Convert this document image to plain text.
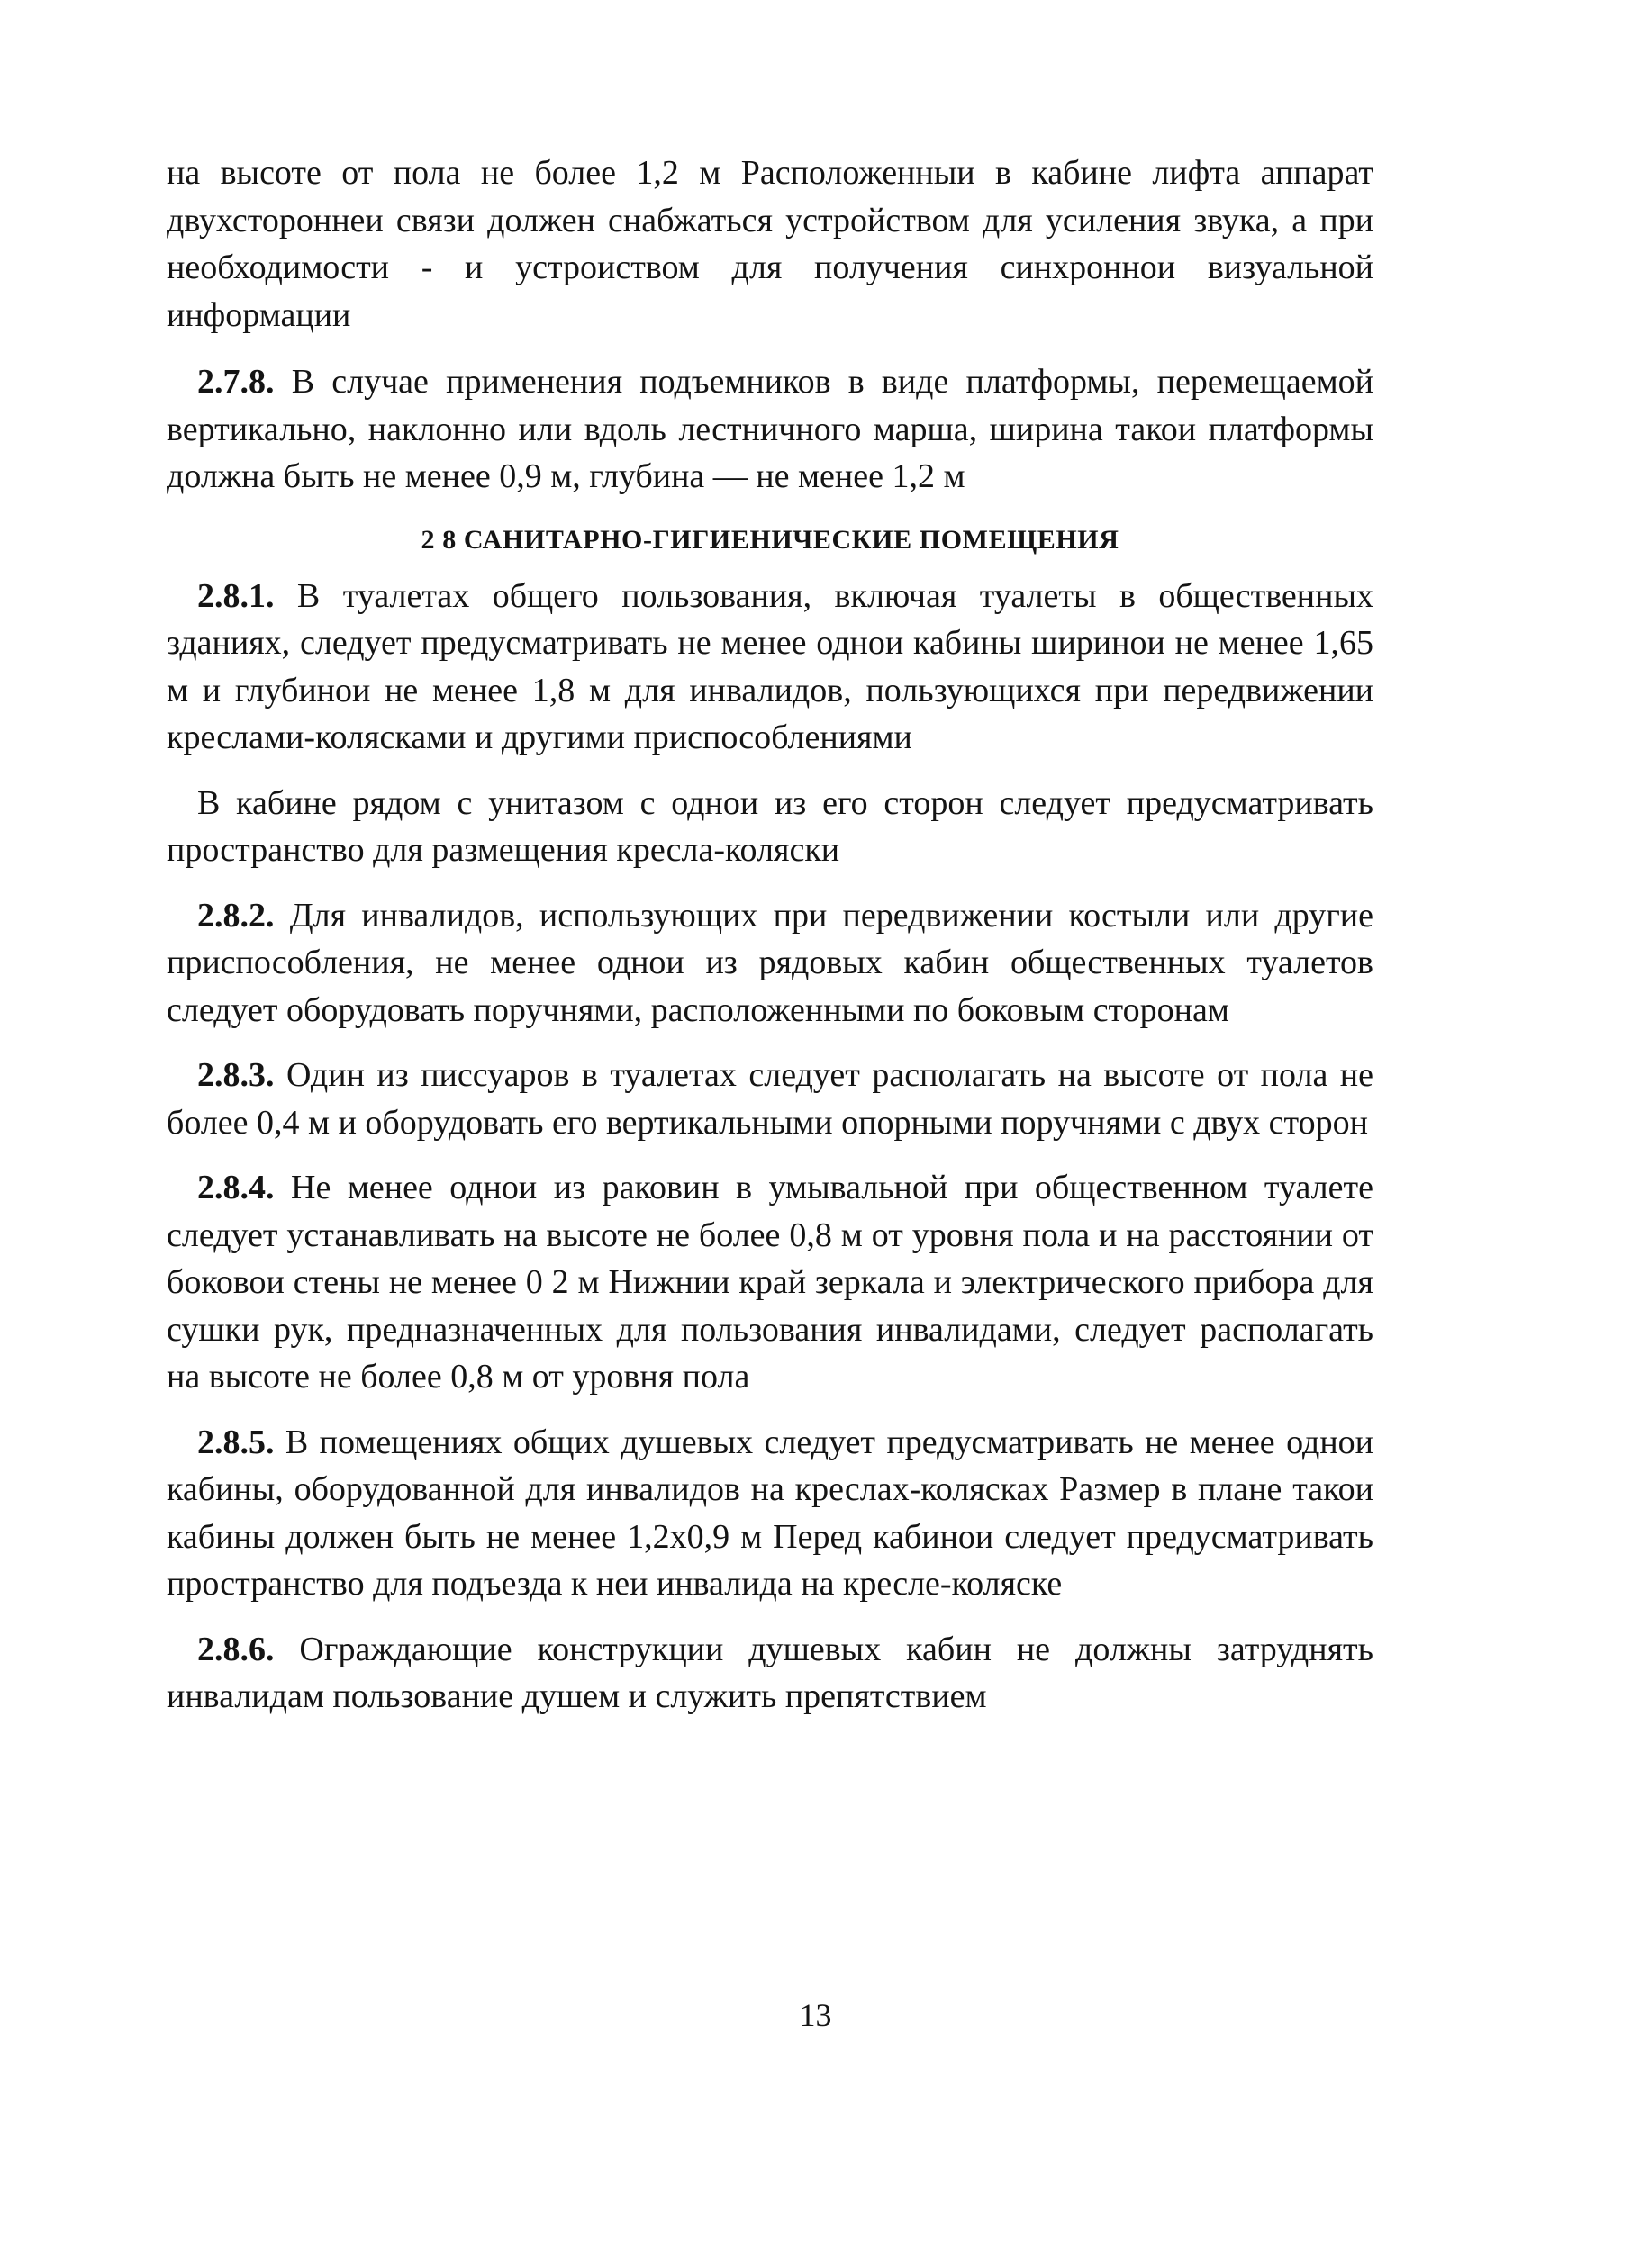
на высоте от пола не более 1,2 м Расположенныи в кабине лифта аппарат двухстороннеи связи должен снабжаться устройством для усиления звука, а при необходимости - и устроиством для получения синхроннои визуальной информации

2.7.8. В случае применения подъемников в виде платформы, перемещаемой вертикально, наклонно или вдоль лестничного марша, ширина такои платформы должна быть не менее 0,9 м, глубина — не менее 1,2 м

2 8 САНИТАРНО-ГИГИЕНИЧЕСКИЕ ПОМЕЩЕНИЯ

2.8.1. В туалетах общего пользования, включая туалеты в общественных зданиях, следует предусматривать не менее однои кабины ширинои не менее 1,65 м и глубинои не менее 1,8 м для инвалидов, пользующихся при передвижении креслами-колясками и другими приспособлениями

В кабине рядом с унитазом с однои из его сторон следует предусматривать пространство для размещения кресла-коляски

2.8.2. Для инвалидов, использующих при передвижении костыли или другие приспособления, не менее однои из рядовых кабин общественных туалетов следует оборудовать поручнями, расположенными по боковым сторонам

2.8.3. Один из писсуаров в туалетах следует располагать на высоте от пола не более 0,4 м и оборудовать его вертикальными опорными поручнями с двух сторон

2.8.4. Не менее однои из раковин в умывальной при общественном туалете следует устанавливать на высоте не более 0,8 м от уровня пола и на расстоянии от боковои стены не менее 0 2 м Нижнии край зеркала и электрического прибора для сушки рук, предназначенных для пользования инвалидами, следует располагать на высоте не более 0,8 м от уровня пола

2.8.5. В помещениях общих душевых следует предусматривать не менее однои кабины, оборудованной для инвалидов на креслах-колясках Размер в плане такои кабины должен быть не менее 1,2х0,9 м Перед кабинои следует предусматривать пространство для подъезда к неи инвалида на кресле-коляске

2.8.6. Ограждающие конструкции душевых кабин не должны затруднять инвалидам пользование душем и служить препятствием

13
